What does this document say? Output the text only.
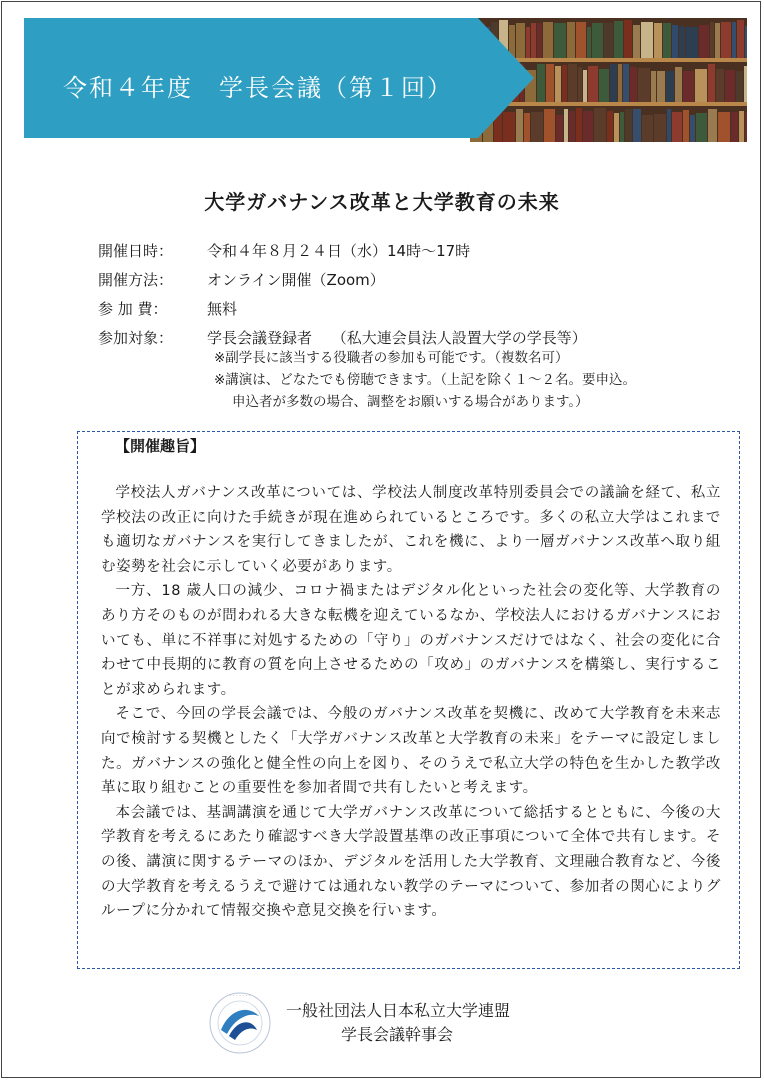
令和４年度　学長会議（第１回）
大学ガバナンス改革と大学教育の未来
開催日時：	令和４年８月２４日（水）14時～17時
開催方法：	オンライン開催（Zoom）
参 加 費：	無料
参加対象：	学長会議登録者　 （私大連会員法人設置大学の学長等）
※副学長に該当する役職者の参加も可能です。（複数名可）
※講演は、どなたでも傍聴できます。（上記を除く１～２名。要申込。
申込者が多数の場合、調整をお願いする場合があります。）
【開催趣旨】

学校法人ガバナンス改革については、学校法人制度改革特別委員会での議論を経て、私立学校法の改正に向けた手続きが現在進められているところです。多くの私立大学はこれまでも適切なガバナンスを実行してきましたが、これを機に、より一層ガバナンス改革へ取り組む姿勢を社会に示していく必要があります。

一方、18 歳人口の減少、コロナ禍またはデジタル化といった社会の変化等、大学教育のあり方そのものが問われる大きな転機を迎えているなか、学校法人におけるガバナンスにおいても、単に不祥事に対処するための「守り」のガバナンスだけではなく、社会の変化に合わせて中長期的に教育の質を向上させるための「攻め」のガバナンスを構築し、実行することが求められます。

そこで、今回の学長会議では、今般のガバナンス改革を契機に、改めて大学教育を未来志向で検討する契機としたく「大学ガバナンス改革と大学教育の未来」をテーマに設定しました。ガバナンスの強化と健全性の向上を図り、そのうえで私立大学の特色を生かした教学改革に取り組むことの重要性を参加者間で共有したいと考えます。

本会議では、基調講演を通じて大学ガバナンス改革について総括するとともに、今後の大学教育を考えるにあたり確認すべき大学設置基準の改正事項について全体で共有します。その後、講演に関するテーマのほか、デジタルを活用した大学教育、文理融合教育など、今後の大学教育を考えるうえで避けては通れない教学のテーマについて、参加者の関心によりグループに分かれて情報交換や意見交換を行います。

· · · · · · ·
一般社団法人日本私立大学連盟
学長会議幹事会
